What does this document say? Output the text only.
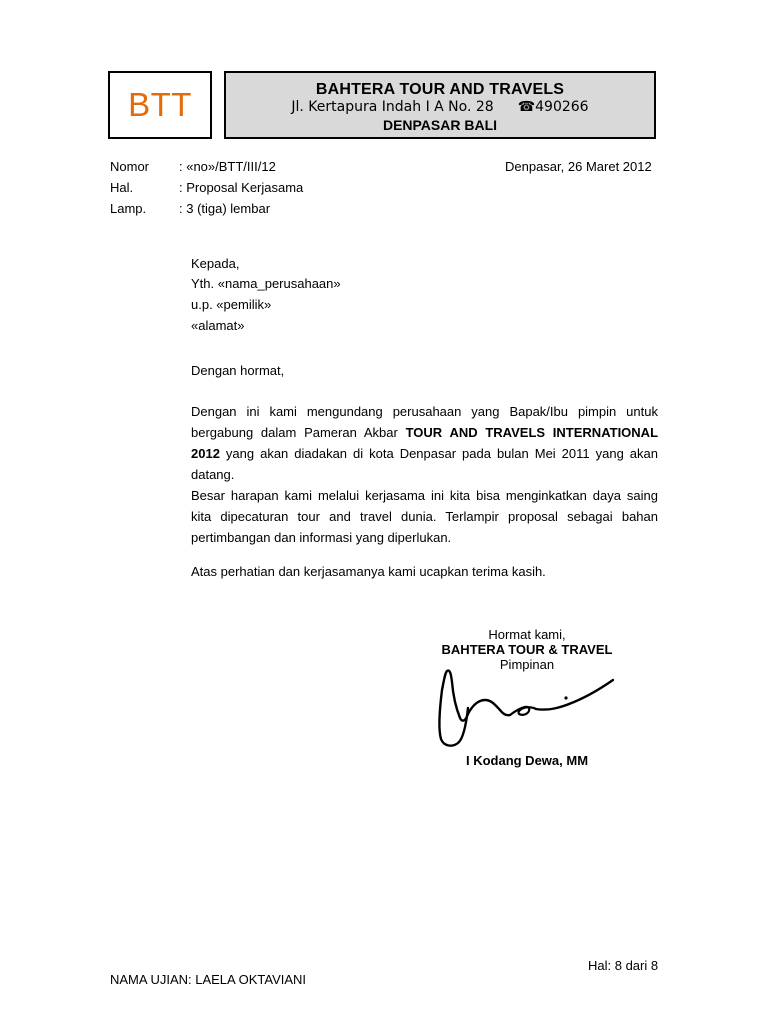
BTT	BAHTERA TOUR AND TRAVELS
Jl. Kertapura Indah I A No. 28 ☎490266
DENPASAR BALI
Nomor : «no»/BTT/III/12	Denpasar, 26 Maret 2012
Hal.	: Proposal Kerjasama
Lamp.	: 3 (tiga) lembar
Kepada,
Yth. «nama_perusahaan»
u.p. «pemilik»
«alamat»
Dengan hormat,
Dengan ini kami mengundang perusahaan yang Bapak/Ibu pimpin untuk bergabung dalam Pameran Akbar TOUR AND TRAVELS INTERNATIONAL 2012 yang akan diadakan di kota Denpasar pada bulan Mei 2011 yang akan datang.
Besar harapan kami melalui kerjasama ini kita bisa menginkatkan daya saing kita dipecaturan tour and travel dunia. Terlampir proposal sebagai bahan pertimbangan dan informasi yang diperlukan.
Atas perhatian dan kerjasamanya kami ucapkan terima kasih.
Hormat kami,
BAHTERA TOUR & TRAVEL
Pimpinan
I Kodang Dewa, MM
Hal: 8 dari 8
NAMA UJIAN: LAELA OKTAVIANI
